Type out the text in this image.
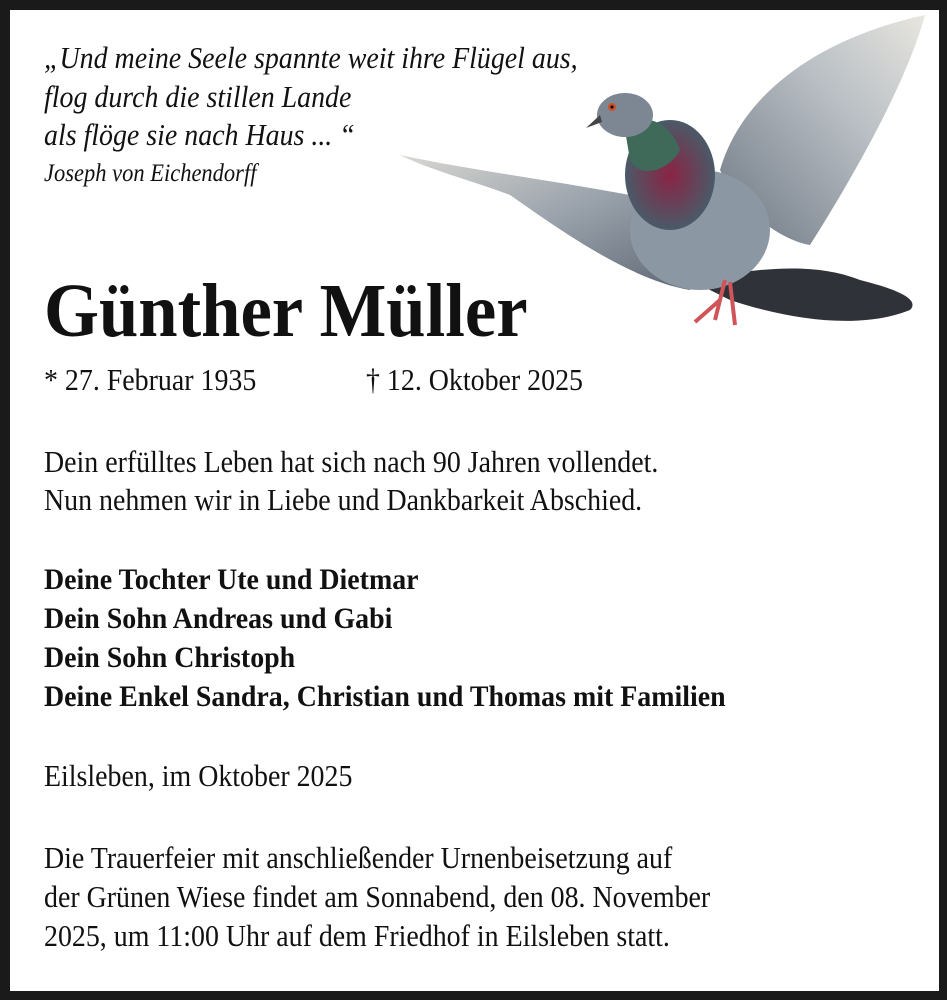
„Und meine Seele spannte weit ihre Flügel aus,
flog durch die stillen Lande
als flöge sie nach Haus ... “
Joseph von Eichendorff
Günther Müller
* 27. Februar 1935	† 12. Oktober 2025
Dein erfülltes Leben hat sich nach 90 Jahren vollendet.
Nun nehmen wir in Liebe und Dankbarkeit Abschied.
Deine Tochter Ute und Dietmar
Dein Sohn Andreas und Gabi
Dein Sohn Christoph
Deine Enkel Sandra, Christian und Thomas mit Familien
Eilsleben, im Oktober 2025
Die Trauerfeier mit anschließender Urnenbeisetzung auf
der Grünen Wiese findet am Sonnabend, den 08. November
2025, um 11:00 Uhr auf dem Friedhof in Eilsleben statt.
